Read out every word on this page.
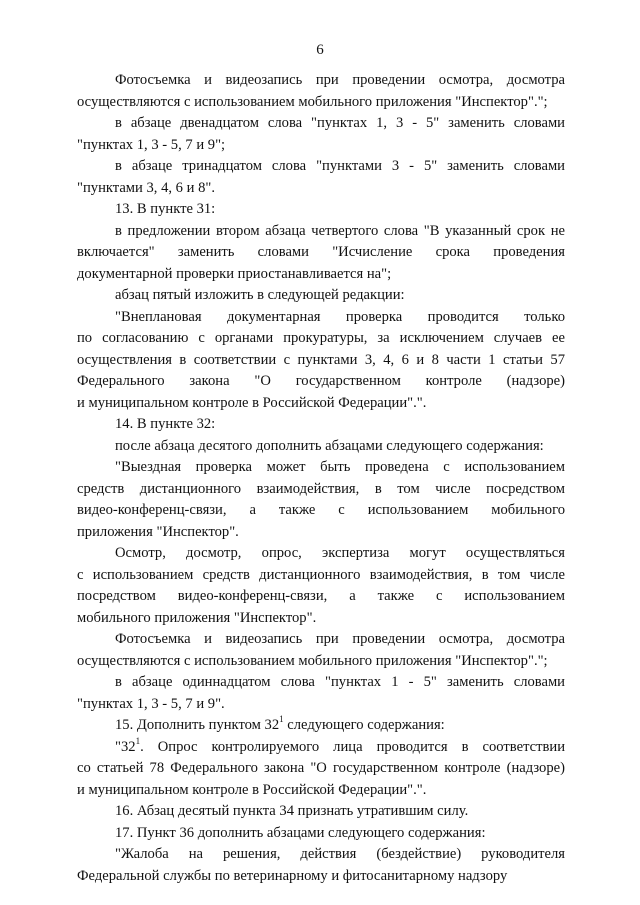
6
Фотосъемка и видеозапись при проведении осмотра, досмотра
осуществляются с использованием мобильного приложения "Инспектор".";
в абзаце двенадцатом слова "пунктах 1, 3 - 5" заменить словами
"пунктах 1, 3 - 5, 7 и 9";
в абзаце тринадцатом слова "пунктами 3 - 5" заменить словами
"пунктами 3, 4, 6 и 8".
13. В пункте 31:
в предложении втором абзаца четвертого слова "В указанный срок не
включается" заменить словами "Исчисление срока проведения
документарной проверки приостанавливается на";
абзац пятый изложить в следующей редакции:
"Внеплановая документарная проверка проводится только
по согласованию с органами прокуратуры, за исключением случаев ее
осуществления в соответствии с пунктами 3, 4, 6 и 8 части 1 статьи 57
Федерального закона "О государственном контроле (надзоре)
и муниципальном контроле в Российской Федерации".".
14. В пункте 32:
после абзаца десятого дополнить абзацами следующего содержания:
"Выездная проверка может быть проведена с использованием
средств дистанционного взаимодействия, в том числе посредством
видео-конференц-связи, а также с использованием мобильного
приложения "Инспектор".
Осмотр, досмотр, опрос, экспертиза могут осуществляться
с использованием средств дистанционного взаимодействия, в том числе
посредством видео-конференц-связи, а также с использованием
мобильного приложения "Инспектор".
Фотосъемка и видеозапись при проведении осмотра, досмотра
осуществляются с использованием мобильного приложения "Инспектор".";
в абзаце одиннадцатом слова "пунктах 1 - 5" заменить словами
"пунктах 1, 3 - 5, 7 и 9".
15. Дополнить пунктом $32^1$ следующего содержания:
"$32^1$. Опрос контролируемого лица проводится в соответствии
со статьей 78 Федерального закона "О государственном контроле (надзоре)
и муниципальном контроле в Российской Федерации".".
16. Абзац десятый пункта 34 признать утратившим силу.
17. Пункт 36 дополнить абзацами следующего содержания:
"Жалоба на решения, действия (бездействие) руководителя
Федеральной службы по ветеринарному и фитосанитарному надзору
